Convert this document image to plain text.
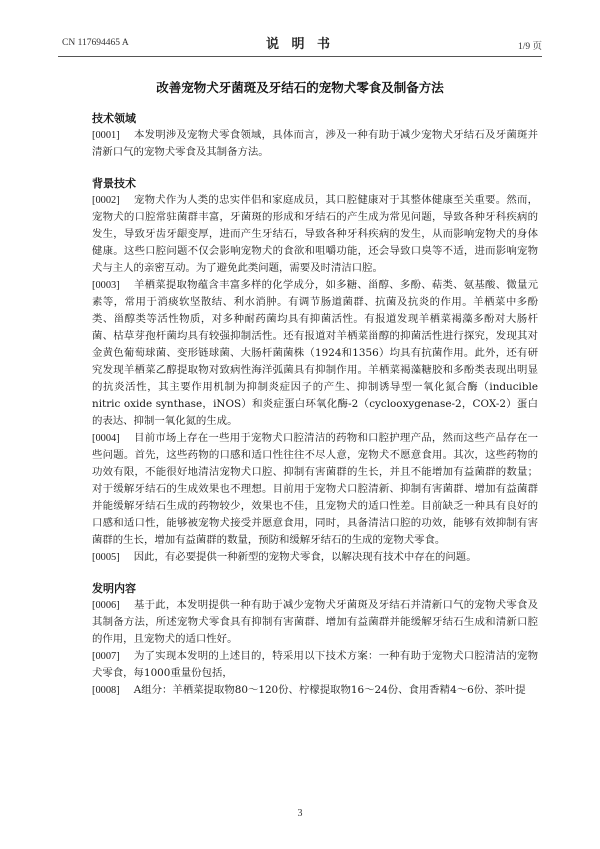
CN 117694465 A	说 明 书	1/9 页
改善宠物犬牙菌斑及牙结石的宠物犬零食及制备方法

技术领域

[0001] 本发明涉及宠物犬零食领域，具体而言，涉及一种有助于减少宠物犬牙结石及牙菌斑并清新口气的宠物犬零食及其制备方法。

背景技术

[0002] 宠物犬作为人类的忠实伴侣和家庭成员，其口腔健康对于其整体健康至关重要。然而，宠物犬的口腔常驻菌群丰富，牙菌斑的形成和牙结石的产生成为常见问题，导致各种牙科疾病的发生，导致牙齿牙龈变厚，进而产生牙结石，导致各种牙科疾病的发生，从而影响宠物犬的身体健康。这些口腔问题不仅会影响宠物犬的食欲和咀嚼功能，还会导致口臭等不适，进而影响宠物犬与主人的亲密互动。为了避免此类问题，需要及时清洁口腔。

[0003] 羊栖菜提取物蕴含丰富多样的化学成分，如多糖、甾醇、多酚、萜类、氨基酸、微量元素等，常用于消痰软坚散结、利水消肿。有调节肠道菌群、抗菌及抗炎的作用。羊栖菜中多酚类、甾醇类等活性物质，对多种耐药菌均具有抑菌活性。有报道发现羊栖菜褐藻多酚对大肠杆菌、枯草芽孢杆菌均具有较强抑制活性。还有报道对羊栖菜甾醇的抑菌活性进行探究，发现其对金黄色葡萄球菌、变形链球菌、大肠杆菌菌株（1924和1356）均具有抗菌作用。此外，还有研究发现羊栖菜乙醇提取物对致病性海洋弧菌具有抑制作用。羊栖菜褐藻糖胶和多酚类表现出明显的抗炎活性，其主要作用机制为抑制炎症因子的产生、抑制诱导型一氧化氮合酶（inducible nitric oxide synthase，iNOS）和炎症蛋白环氧化酶-2（cyclooxygenase-2，COX-2）蛋白的表达、抑制一氧化氮的生成。

[0004] 目前市场上存在一些用于宠物犬口腔清洁的药物和口腔护理产品，然而这些产品存在一些问题。首先，这些药物的口感和适口性往往不尽人意，宠物犬不愿意食用。其次，这些药物的功效有限，不能很好地清洁宠物犬口腔、抑制有害菌群的生长，并且不能增加有益菌群的数量；对于缓解牙结石的生成效果也不理想。目前用于宠物犬口腔清新、抑制有害菌群、增加有益菌群并能缓解牙结石生成的药物较少，效果也不佳，且宠物犬的适口性差。目前缺乏一种具有良好的口感和适口性，能够被宠物犬接受并愿意食用，同时，具备清洁口腔的功效，能够有效抑制有害菌群的生长，增加有益菌群的数量，预防和缓解牙结石的生成的宠物犬零食。

[0005] 因此，有必要提供一种新型的宠物犬零食，以解决现有技术中存在的问题。

发明内容

[0006] 基于此，本发明提供一种有助于减少宠物犬牙菌斑及牙结石并清新口气的宠物犬零食及其制备方法，所述宠物犬零食具有抑制有害菌群、增加有益菌群并能缓解牙结石生成和清新口腔的作用，且宠物犬的适口性好。

[0007] 为了实现本发明的上述目的，特采用以下技术方案：一种有助于宠物犬口腔清洁的宠物犬零食，每1000重量份包括，

[0008] A组分：羊栖菜提取物80～120份、柠檬提取物16～24份、食用香精4～6份、茶叶提

3
